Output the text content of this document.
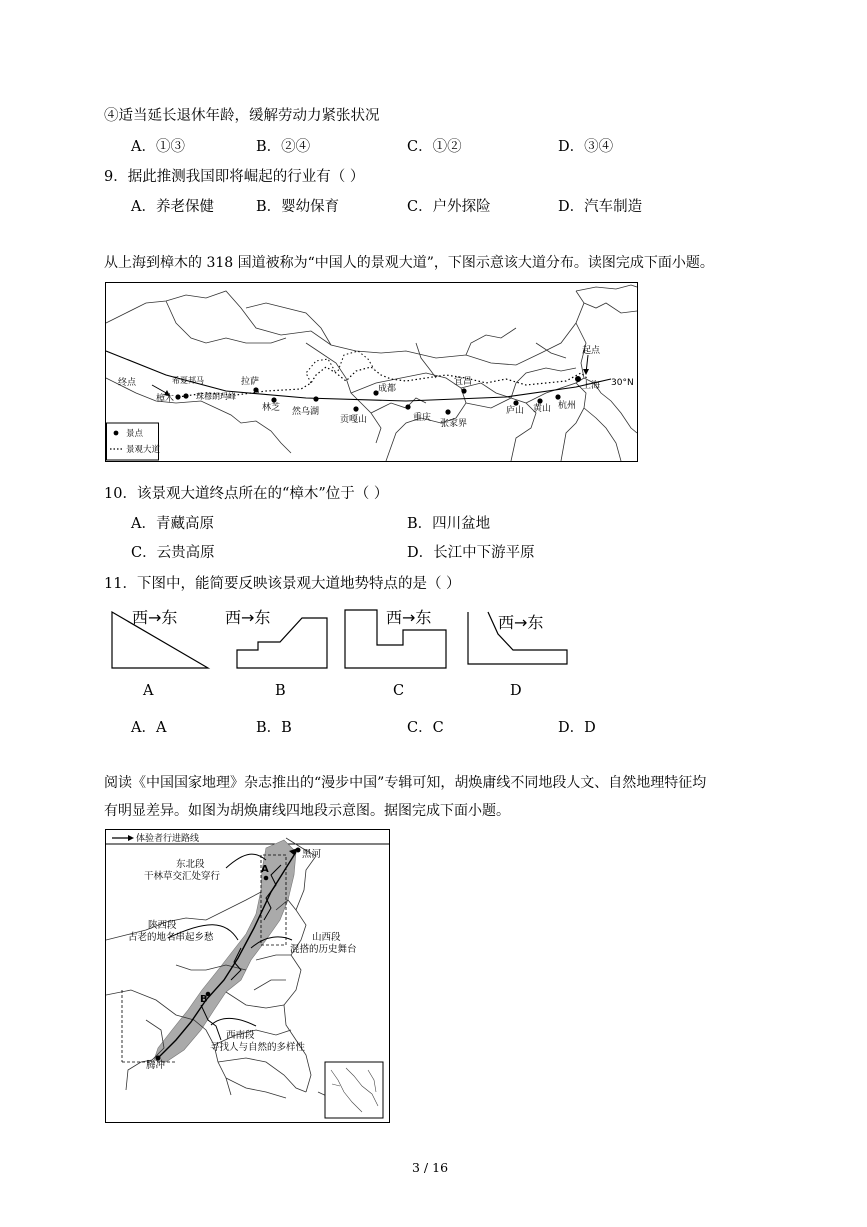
④适当延长退休年龄，缓解劳动力紧张状况
A．①③	B．②④	C．①②	D．③④
9．据此推测我国即将崛起的行业有（ ）
A．养老保健	B．婴幼保育	C．户外探险	D．汽车制造
从上海到樟木的 318 国道被称为“中国人的景观大道”，下图示意该大道分布。读图完成下面小题。
起点
上海 30°N
终点
樟木
希夏邦马
珠穆朗玛峰
拉萨
林芝 然乌湖
贡嘎山
成都
重庆
宜昌
张家界
庐山 黄山 杭州
景点
景观大道
10．该景观大道终点所在的“樟木”位于（ ）
A．青藏高原	B．四川盆地
C．云贵高原	D．长江中下游平原
11．下图中，能简要反映该景观大道地势特点的是（ ）
西→东	西→东	西→东	西→东
A	B	C	D
A．A	B．B	C．C	D．D
阅读《中国国家地理》杂志推出的“漫步中国”专辑可知，胡焕庸线不同地段人文、自然地理特征均
有明显差异。如图为胡焕庸线四地段示意图。据图完成下面小题。
体验者行进路线
黑河
腾冲
东北段
干林草交汇处穿行
陕西段
古老的地名串起乡愁	山西段
混搭的历史舞台
西南段
寻找人与自然的多样性
A
B
3 / 16
